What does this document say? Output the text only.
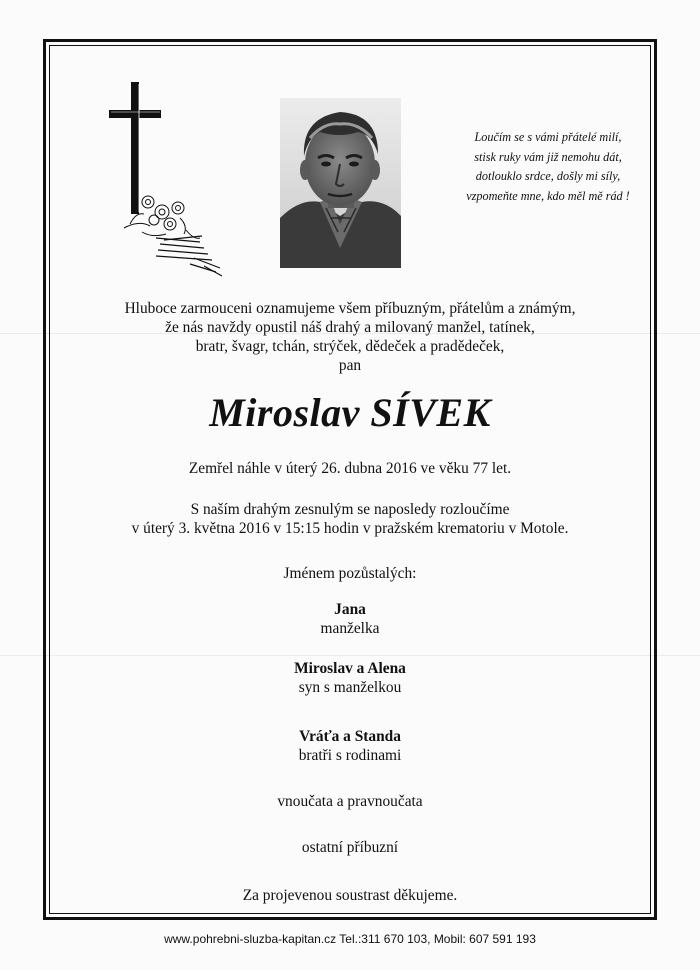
Loučím se s vámi přátelé milí,
stisk ruky vám již nemohu dát,
dotlouklo srdce, došly mi síly,
vzpomeňte mne, kdo měl mě rád !
Hluboce zarmouceni oznamujeme všem příbuzným, přátelům a známým,
že nás navždy opustil náš drahý a milovaný manžel, tatínek,
bratr, švagr, tchán, strýček, dědeček a pradědeček,
pan
Miroslav SÍVEK
Zemřel náhle v úterý 26. dubna 2016 ve věku 77 let.
S naším drahým zesnulým se naposledy rozloučíme
v úterý 3. května 2016 v 15:15 hodin v pražském krematoriu v Motole.
Jménem pozůstalých:
Jana
manželka
Miroslav a Alena
syn s manželkou
Vráťa a Standa
bratři s rodinami
vnoučata a pravnoučata
ostatní příbuzní
Za projevenou soustrast děkujeme.
www.pohrebni-sluzba-kapitan.cz Tel.:311 670 103, Mobil: 607 591 193
